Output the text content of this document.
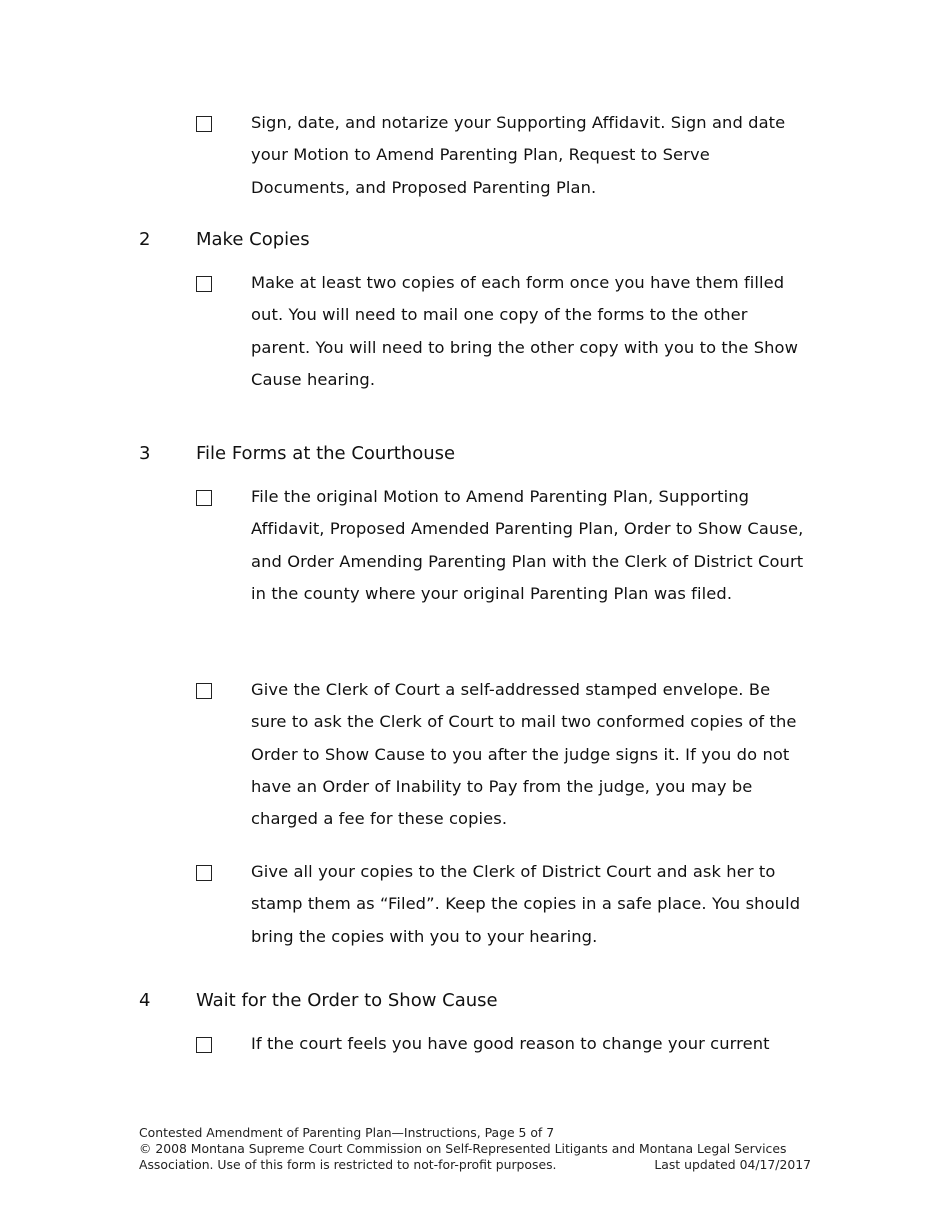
Sign, date, and notarize your Supporting Affidavit. Sign and date your Motion to Amend Parenting Plan, Request to Serve Documents, and Proposed Parenting Plan.
2	Make Copies
Make at least two copies of each form once you have them filled out. You will need to mail one copy of the forms to the other parent. You will need to bring the other copy with you to the Show Cause hearing.
3	File Forms at the Courthouse
File the original Motion to Amend Parenting Plan, Supporting Affidavit, Proposed Amended Parenting Plan, Order to Show Cause, and Order Amending Parenting Plan with the Clerk of District Court in the county where your original Parenting Plan was filed.
Give the Clerk of Court a self-addressed stamped envelope. Be sure to ask the Clerk of Court to mail two conformed copies of the Order to Show Cause to you after the judge signs it. If you do not have an Order of Inability to Pay from the judge, you may be charged a fee for these copies.
Give all your copies to the Clerk of District Court and ask her to stamp them as “Filed”. Keep the copies in a safe place. You should bring the copies with you to your hearing.
4	Wait for the Order to Show Cause
If the court feels you have good reason to change your current
Contested Amendment of Parenting Plan—Instructions, Page 5 of 7
© 2008 Montana Supreme Court Commission on Self-Represented Litigants and Montana Legal Services
Association. Use of this form is restricted to not-for-profit purposes.	Last updated 04/17/2017
